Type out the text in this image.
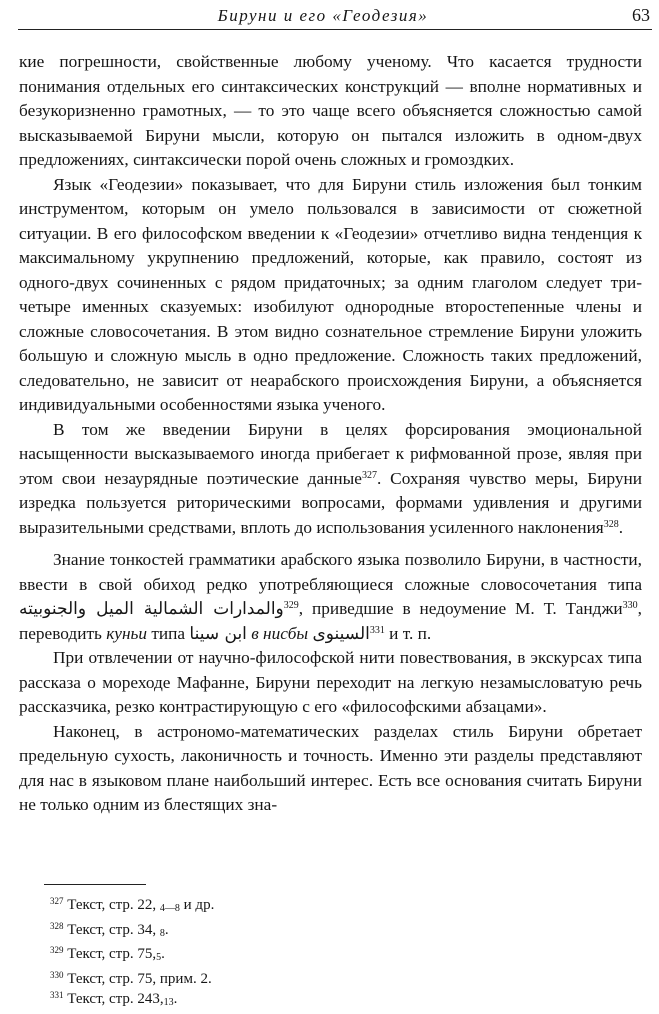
Бируни и его «Геодезия»	63

кие погрешности, свойственные любому ученому. Что касается трудности понимания отдельных его синтаксических конструкций — вполне нормативных и безукоризненно грамотных, — то это чаще всего объясняется сложностью самой высказываемой Бируни мысли, которую он пытался изложить в одном-двух предложениях, синтаксически порой очень сложных и громоздких.

Язык «Геодезии» показывает, что для Бируни стиль изложения был тонким инструментом, которым он умело пользовался в зависимости от сюжетной ситуации. В его философском введении к «Геодезии» отчетливо видна тенденция к максимальному укрупнению предложений, которые, как правило, состоят из одного-двух сочиненных с рядом придаточных; за одним глаголом следует три-четыре именных сказуемых: изобилуют однородные второстепенные члены и сложные словосочетания. В этом видно сознательное стремление Бируни уложить большую и сложную мысль в одно предложение. Сложность таких предложений, следовательно, не зависит от неарабского происхождения Бируни, а объясняется индивидуальными особенностями языка ученого.

В том же введении Бируни в целях форсирования эмоциональной насыщенности высказываемого иногда прибегает к рифмованной прозе, являя при этом свои незаурядные поэтические данные$^{327}$. Сохраняя чувство меры, Бируни изредка пользуется риторическими вопросами, формами удивления и другими выразительными средствами, вплоть до использования усиленного наклонения$^{328}$.

Знание тонкостей грамматики арабского языка позволило Бируни, в частности, ввести в свой обиход редко употребляющиеся сложные словосочетания типа والمدارات الشمالية الميل والجنوبيته$^{329}$, приведшие в недоумение М. Т. Танджи$^{330}$, переводить куньи типа ابن سينا в нисбы السينوى$^{331}$ и т. п.

При отвлечении от научно-философской нити повествования, в экскурсах типа рассказа о мореходе Мафанне, Бируни переходит на легкую незамысловатую речь рассказчика, резко контрастирующую с его «философскими абзацами».

Наконец, в астрономо-математических разделах стиль Бируни обретает предельную сухость, лаконичность и точность. Именно эти разделы представляют для нас в языковом плане наибольший интерес. Есть все основания считать Бируни не только одним из блестящих зна-

$^{327}$ Текст, стр. 22, $_{4—8}$ и др.
$^{328}$ Текст, стр. 34, $_8$.
$^{329}$ Текст, стр. $75,_5$.
$^{330}$ Текст, стр. 75, прим. 2.
$^{331}$ Текст, стр. $243,_{13}$.
